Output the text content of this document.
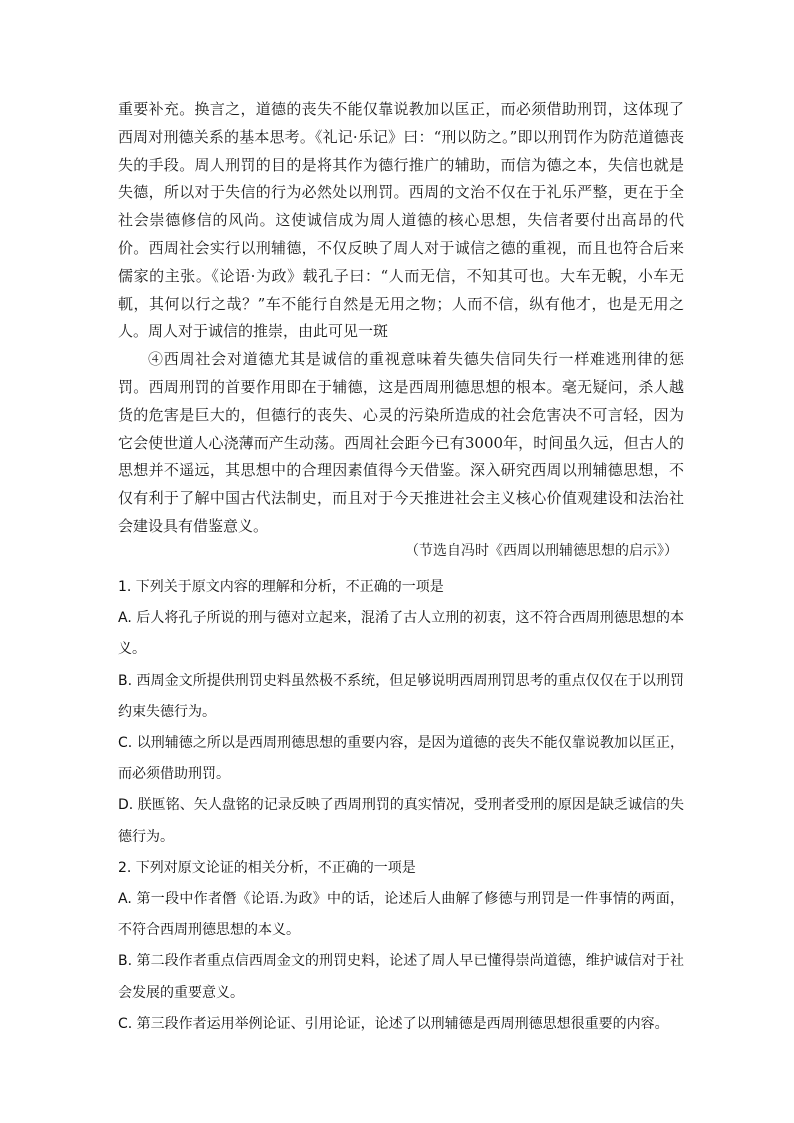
重要补充。换言之，道德的丧失不能仅靠说教加以匡正，而必须借助刑罚，这体现了西周对刑德关系的基本思考。《礼记·乐记》曰：“刑以防之。”即以刑罚作为防范道德丧失的手段。周人刑罚的目的是将其作为德行推广的辅助，而信为德之本，失信也就是失德，所以对于失信的行为必然处以刑罚。西周的文治不仅在于礼乐严整，更在于全社会崇德修信的风尚。这使诚信成为周人道德的核心思想，失信者要付出高昂的代价。西周社会实行以刑辅德，不仅反映了周人对于诚信之德的重视，而且也符合后来儒家的主张。《论语·为政》载孔子曰：“人而无信，不知其可也。大车无輗，小车无軏，其何以行之哉？”车不能行自然是无用之物；人而不信，纵有他才，也是无用之人。周人对于诚信的推崇，由此可见一斑

④西周社会对道德尤其是诚信的重视意味着失德失信同失行一样难逃刑律的惩罚。西周刑罚的首要作用即在于辅德，这是西周刑德思想的根本。毫无疑问，杀人越货的危害是巨大的，但德行的丧失、心灵的污染所造成的社会危害决不可言轻，因为它会使世道人心浇薄而产生动荡。西周社会距今已有3000年，时间虽久远，但古人的思想并不遥远，其思想中的合理因素值得今天借鉴。深入研究西周以刑辅德思想，不仅有利于了解中国古代法制史，而且对于今天推进社会主义核心价值观建设和法治社会建设具有借鉴意义。

（节选自冯时《西周以刑辅德思想的启示》）

1. 下列关于原文内容的理解和分析，不正确的一项是

A. 后人将孔子所说的刑与德对立起来，混淆了古人立刑的初衷，这不符合西周刑德思想的本义。

B. 西周金文所提供刑罚史料虽然极不系统，但足够说明西周刑罚思考的重点仅仅在于以刑罚约束失德行为。

C. 以刑辅德之所以是西周刑德思想的重要内容，是因为道德的丧失不能仅靠说教加以匡正，而必须借助刑罚。

D. 朕匜铭、矢人盘铭的记录反映了西周刑罚的真实情况，受刑者受刑的原因是缺乏诚信的失德行为。

2. 下列对原文论证的相关分析，不正确的一项是

A. 第一段中作者僭《论语.为政》中的话，论述后人曲解了修德与刑罚是一件事情的两面，不符合西周刑德思想的本义。

B. 第二段作者重点信西周金文的刑罚史料，论述了周人早已懂得崇尚道德，维护诚信对于社会发展的重要意义。

C. 第三段作者运用举例论证、引用论证，论述了以刑辅德是西周刑德思想很重要的内容。
